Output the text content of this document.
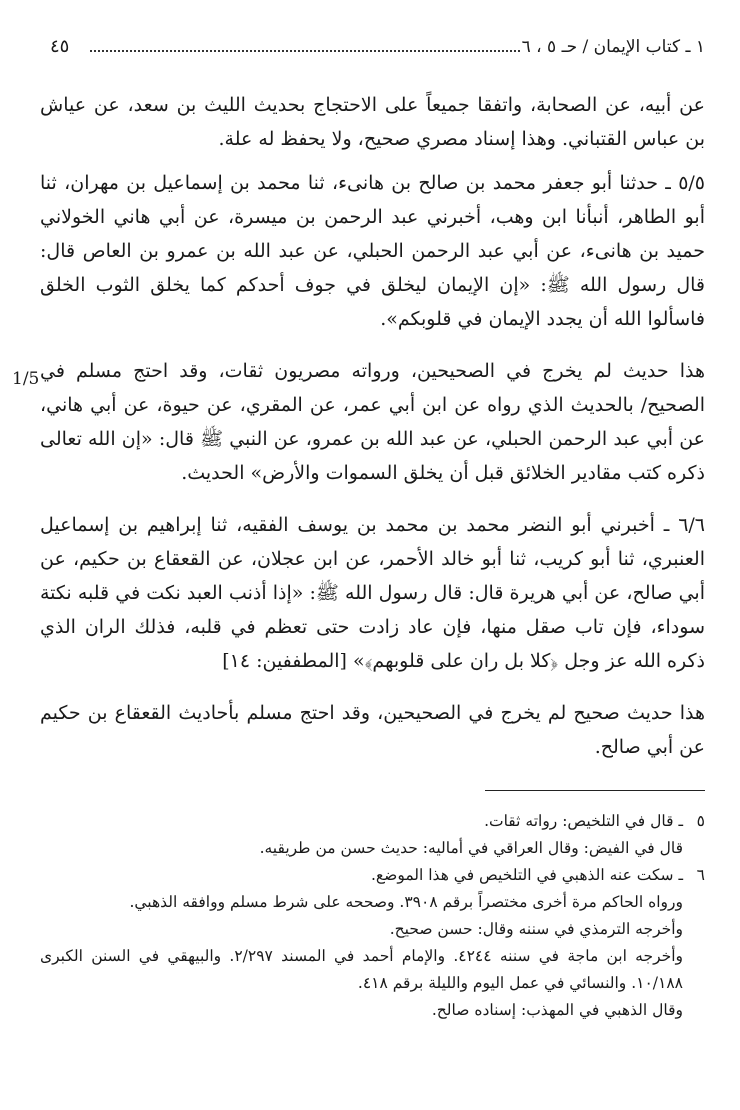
١ ـ كتاب الإيمان / حـ ٥ ، ٦
٤٥
1/5

عن أبيه، عن الصحابة، واتفقا جميعاً على الاحتجاج بحديث الليث بن سعد، عن عياش بن عباس القتباني. وهذا إسناد مصري صحيح، ولا يحفظ له علة.

٥/٥ ـ حدثنا أبو جعفر محمد بن صالح بن هانىء، ثنا محمد بن إسماعيل بن مهران، ثنا أبو الطاهر، أنبأنا ابن وهب، أخبرني عبد الرحمن بن ميسرة، عن أبي هاني الخولاني حميد بن هانىء، عن أبي عبد الرحمن الحبلي، عن عبد الله بن عمرو بن العاص قال: قال رسول الله ﷺ: «إن الإيمان ليخلق في جوف أحدكم كما يخلق الثوب الخلق فاسألوا الله أن يجدد الإيمان في قلوبكم».

هذا حديث لم يخرج في الصحيحين، ورواته مصريون ثقات، وقد احتج مسلم في الصحيح/ بالحديث الذي رواه عن ابن أبي عمر، عن المقري، عن حيوة، عن أبي هاني، عن أبي عبد الرحمن الحبلي، عن عبد الله بن عمرو، عن النبي ﷺ قال: «إن الله تعالى ذكره كتب مقادير الخلائق قبل أن يخلق السموات والأرض» الحديث.

٦/٦ ـ أخبرني أبو النضر محمد بن محمد بن يوسف الفقيه، ثنا إبراهيم بن إسماعيل العنبري، ثنا أبو كريب، ثنا أبو خالد الأحمر، عن ابن عجلان، عن القعقاع بن حكيم، عن أبي صالح، عن أبي هريرة قال: قال رسول الله ﷺ: «إذا أذنب العبد نكت في قلبه نكتة سوداء، فإن تاب صقل منها، فإن عاد زادت حتى تعظم في قلبه، فذلك الران الذي ذكره الله عز وجل ﴿كلا بل ران على قلوبهم﴾» [المطففين: ١٤]

هذا حديث صحيح لم يخرج في الصحيحين، وقد احتج مسلم بأحاديث القعقاع بن حكيم عن أبي صالح.

٥ـ قال في التلخيص: رواته ثقات.
قال في الفيض: وقال العراقي في أماليه: حديث حسن من طريقيه.
٦ـ سكت عنه الذهبي في التلخيص في هذا الموضع.
ورواه الحاكم مرة أخرى مختصراً برقم ٣٩٠٨. وصححه على شرط مسلم ووافقه الذهبي.
وأخرجه الترمذي في سننه وقال: حسن صحيح.
وأخرجه ابن ماجة في سننه ٤٢٤٤. والإمام أحمد في المسند ٢/٢٩٧. والبيهقي في السنن الكبرى ١٠/١٨٨. والنسائي في عمل اليوم والليلة برقم ٤١٨.
وقال الذهبي في المهذب: إسناده صالح.
